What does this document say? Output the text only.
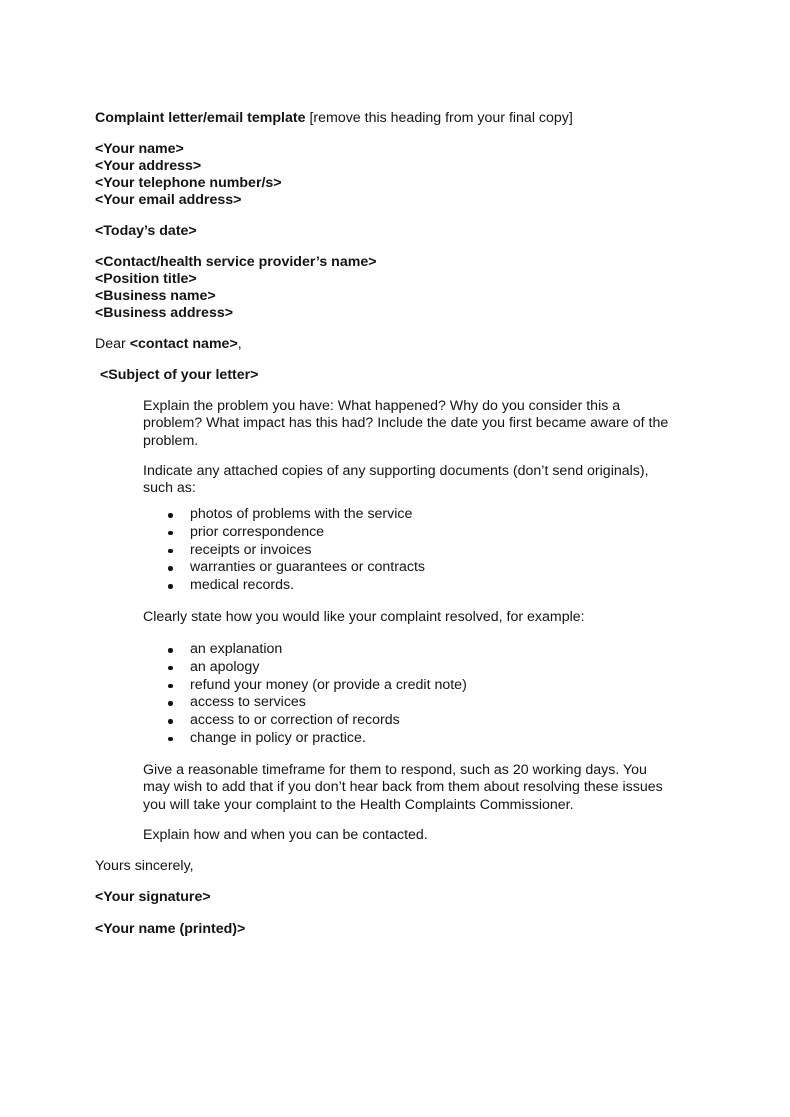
Complaint letter/email template [remove this heading from your final copy]

<Your name>

<Your address>

<Your telephone number/s>

<Your email address>

<Today’s date>

<Contact/health service provider’s name>

<Position title>

<Business name>

<Business address>

Dear <contact name>,

<Subject of your letter>

Explain the problem you have: What happened? Why do you consider this a
problem? What impact has this had? Include the date you first became aware of the
problem.
Indicate any attached copies of any supporting documents (don’t send originals),
such as:
photos of problems with the service
prior correspondence
receipts or invoices
warranties or guarantees or contracts
medical records.

Clearly state how you would like your complaint resolved, for example:

an explanation
an apology
refund your money (or provide a credit note)
access to services
access to or correction of records
change in policy or practice.
Give a reasonable timeframe for them to respond, such as 20 working days. You
may wish to add that if you don’t hear back from them about resolving these issues
you will take your complaint to the Health Complaints Commissioner.

Explain how and when you can be contacted.

Yours sincerely,

<Your signature>

<Your name (printed)>
